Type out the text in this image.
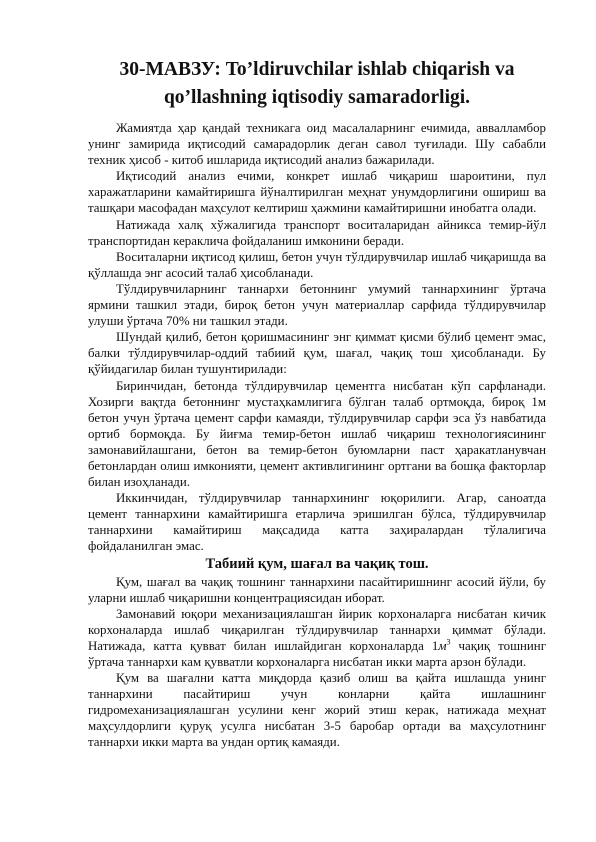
30-МАВЗУ: To’ldiruvchilar ishlab chiqarish va
qo’llashning iqtisodiy samaradorligi.

Жамиятда ҳар қандай техникага оид масалаларнинг ечимида, аввалламбор унинг замирида иқтисодий самарадорлик деган савол туғилади. Шу сабабли техник ҳисоб - китоб ишларида иқтисодий анализ бажарилади.

Иқтисодий анализ ечими, конкрет ишлаб чиқариш шароитини, пул харажатларини камайтиришга йўналтирилган меҳнат унумдорлигини ошириш ва ташқари масофадан маҳсулот келтириш ҳажмини камайтиришни инобатга олади.

Натижада халқ хўжалигида транспорт воситаларидан айникса темир-йўл транспортидан кераклича фойдаланиш имконини беради.

Воситаларни иқтисод қилиш, бетон учун тўлдирувчилар ишлаб чиқаришда ва қўллашда энг асосий талаб ҳисобланади.

Тўлдирувчиларнинг таннархи бетоннинг умумий таннархининг ўртача ярмини ташкил этади, бироқ бетон учун материаллар сарфида тўлдирувчилар улуши ўртача 70% ни ташкил этади.

Шундай қилиб, бетон қоришмасининг энг қиммат қисми бўлиб цемент эмас, балки тўлдирувчилар-оддий табиий қум, шағал, чақиқ тош ҳисобланади. Бу қўйидагилар билан тушунтирилади:

Биринчидан, бетонда тўлдирувчилар цементга нисбатан кўп сарфланади. Хозирги вақтда бетоннинг мустаҳкамлигига бўлган талаб ортмоқда, бироқ 1м бетон учун ўртача цемент сарфи камаяди, тўлдирувчилар сарфи эса ўз навбатида ортиб бормоқда. Бу йиғма темир-бетон ишлаб чиқариш технологиясининг замонавийлашгани, бетон ва темир-бетон буюмларни паст ҳаракатланувчан бетонлардан олиш имконияти, цемент активлигининг ортгани ва бошқа факторлар билан изоҳланади.

Иккинчидан, тўлдирувчилар таннархининг юқорилиги. Агар, саноатда цемент таннархини камайтиришга етарлича эришилган бўлса, тўлдирувчилар таннархини камайтириш мақсадида катта заҳиралардан тўлалигича фойдаланилган эмас.

Табиий қум, шағал ва чақиқ тош.

Қум, шағал ва чақиқ тошнинг таннархини пасайтиришнинг асосий йўли, бу уларни ишлаб чиқаришни концентрациясидан иборат.

Замонавий юқори механизациялашган йирик корхоналарга нисбатан кичик корхоналарда ишлаб чиқарилган тўлдирувчилар таннархи қиммат бўлади. Натижада, катта қувват билан ишлайдиган корхоналарда $1м^3$ чақиқ тошнинг ўртача таннархи кам қувватли корхоналарга нисбатан икки марта арзон бўлади.

Қум ва шағални катта миқдорда қазиб олиш ва қайта ишлашда унинг таннархини пасайтириш учун конларни қайта ишлашнинг гидромеханизациялашган усулини кенг жорий этиш керак, натижада меҳнат маҳсулдорлиги қуруқ усулга нисбатан 3-5 баробар ортади ва маҳсулотнинг таннархи икки марта ва ундан ортиқ камаяди.
